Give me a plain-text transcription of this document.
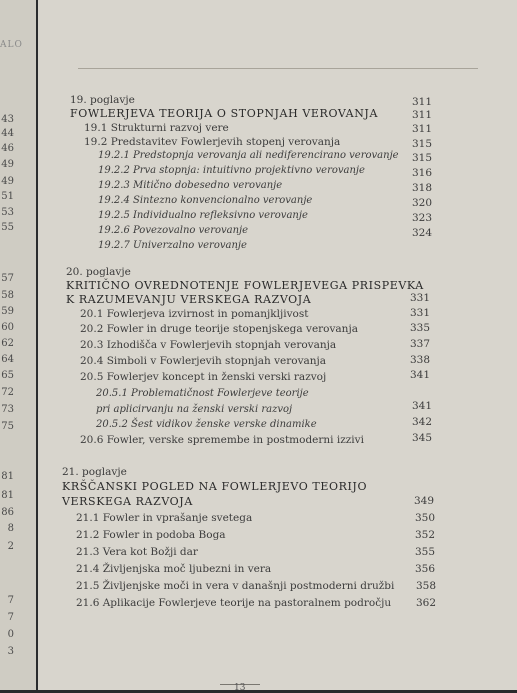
ALO
43
44
46
49
49
51
53
55
57
58
59
60
62
64
65
72
73
75
81
81
86
8
2
7
7
0
3
19. poglavje	311
FOWLERJEVA TEORIJA O STOPNJAH VEROVANJA	311
19.1 Strukturni razvoj vere	311
19.2 Predstavitev Fowlerjevih stopenj verovanja	315
19.2.1 Predstopnja verovanja ali nediferencirano verovanje	315
19.2.2 Prva stopnja: intuitivno projektivno verovanje	316
19.2.3 Mitično dobesedno verovanje	318
19.2.4 Sintezno konvencionalno verovanje	320
19.2.5 Individualno refleksivno verovanje	323
19.2.6 Povezovalno verovanje	324
19.2.7 Univerzalno verovanje
20. poglavje
KRITIČNO OVREDNOTENJE FOWLERJEVEGA PRISPEVKA
K RAZUMEVANJU VERSKEGA RAZVOJA	331
20.1 Fowlerjeva izvirnost in pomanjkljivost	331
20.2 Fowler in druge teorije stopenjskega verovanja	335
20.3 Izhodišča v Fowlerjevih stopnjah verovanja	337
20.4 Simboli v Fowlerjevih stopnjah verovanja	338
20.5 Fowlerjev koncept in ženski verski razvoj	341
20.5.1 Problematičnost Fowlerjeve teorije
pri aplicirvanju na ženski verski razvoj	341
20.5.2 Šest vidikov ženske verske dinamike	342
20.6 Fowler, verske spremembe in postmoderni izzivi	345
21. poglavje
KRŠČANSKI POGLED NA FOWLERJEVO TEORIJO
VERSKEGA RAZVOJA	349
21.1 Fowler in vprašanje svetega	350
21.2 Fowler in podoba Boga	352
21.3 Vera kot Božji dar	355
21.4 Življenjska moč ljubezni in vera	356
21.5 Življenjske moči in vera v današnji postmoderni družbi	358
21.6 Aplikacije Fowlerjeve teorije na pastoralnem področju	362
13
